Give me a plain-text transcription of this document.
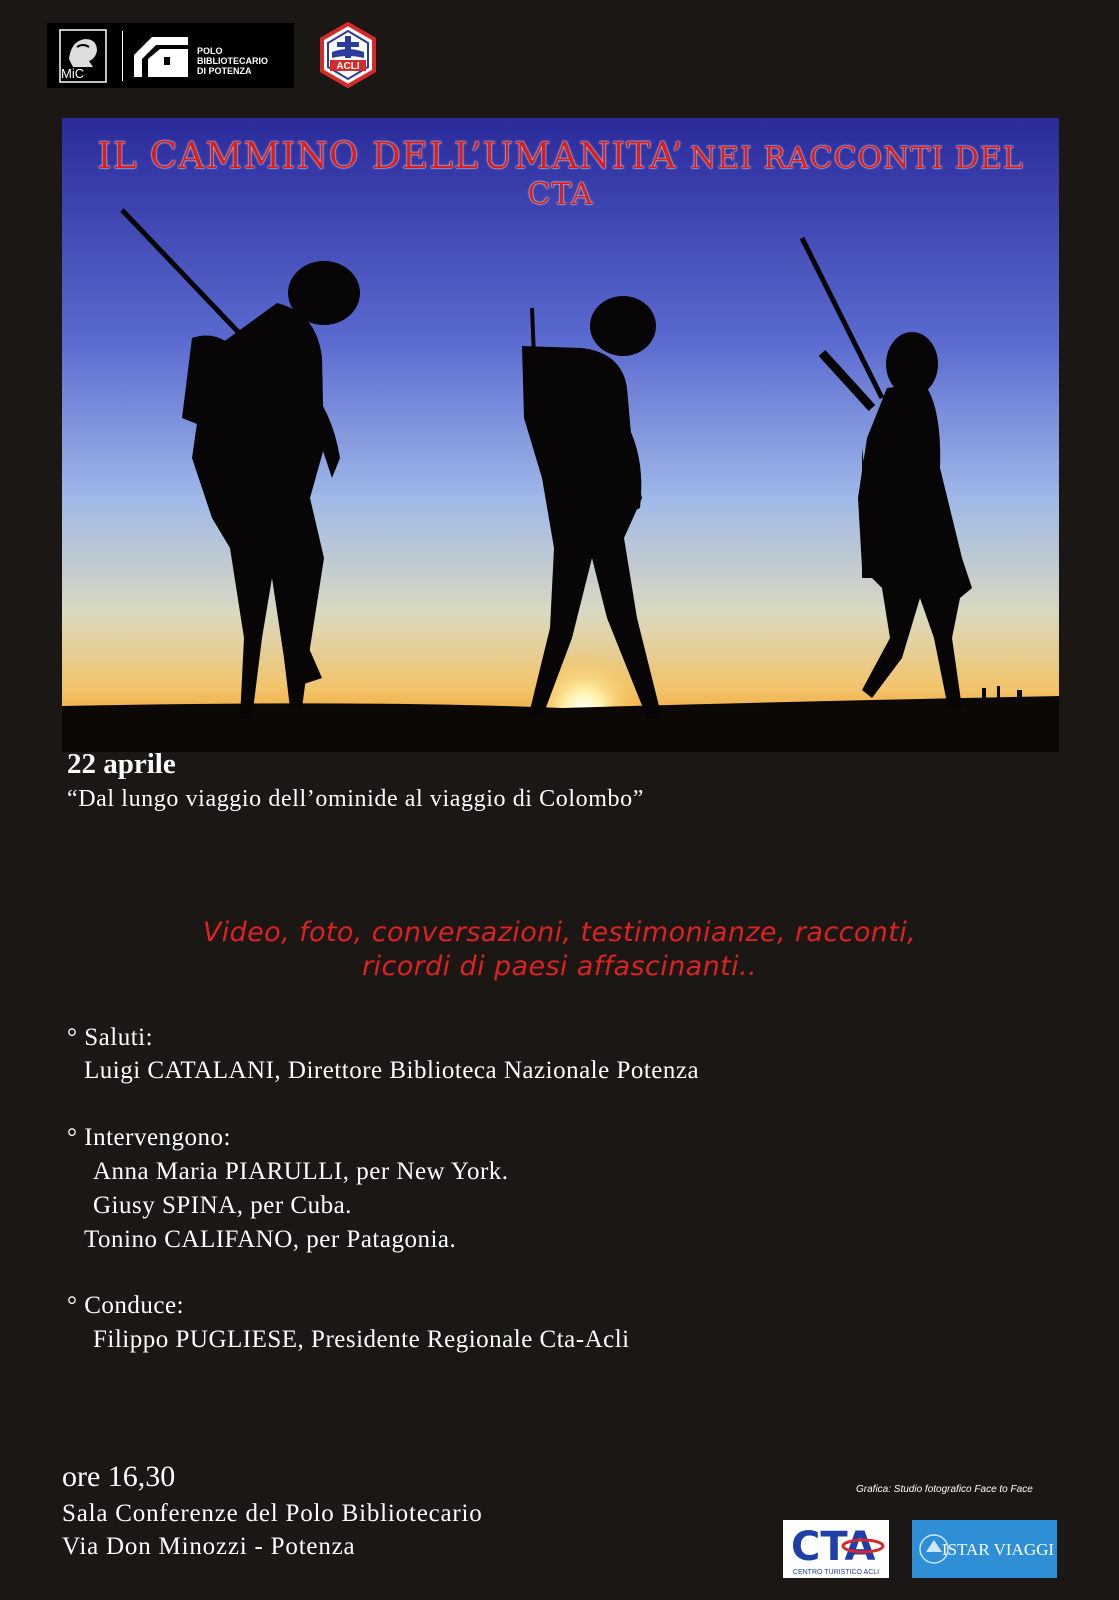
MiC
POLO
BIBLIOTECARIO
DI POTENZA	ACLI
IL CAMMINO DELL’UMANITA’ NEI RACCONTI DEL CTA
22 aprile
“Dal lungo viaggio dell’ominide al viaggio di Colombo”
Video, foto, conversazioni, testimonianze, racconti,
ricordi di paesi affascinanti..
° Saluti:
Luigi CATALANI, Direttore Biblioteca Nazionale Potenza
° Intervengono:
Anna Maria PIARULLI, per New York.
Giusy SPINA, per Cuba.
Tonino CALIFANO, per Patagonia.
° Conduce:
Filippo PUGLIESE, Presidente Regionale Cta-Acli
ore 16,30
Sala Conferenze del Polo Bibliotecario
Via Don Minozzi - Potenza
Grafica: Studio fotografico Face to Face
CTA
CENTRO TURISTICO ACLI
ISTAR VIAGGI
